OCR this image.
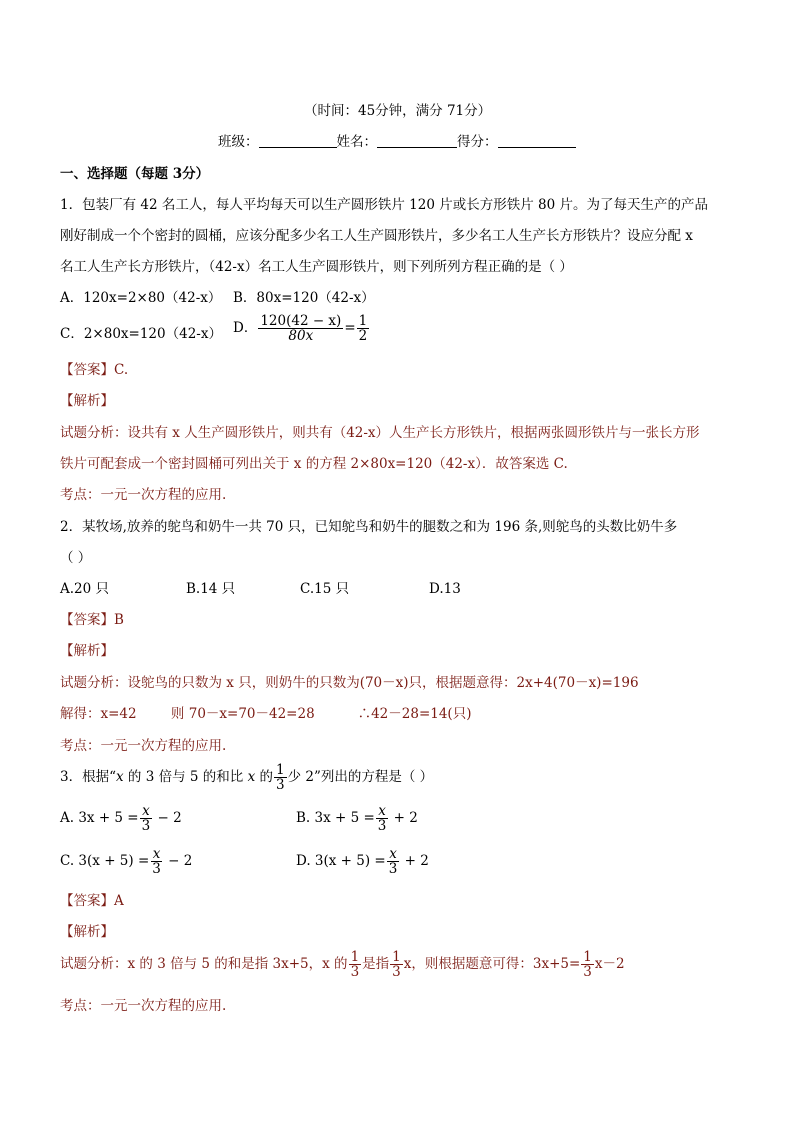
（时间：45分钟，满分 71分）
班级：	姓名：	得分：
一、选择题（每题 3分）
1．包装厂有 42 名工人，每人平均每天可以生产圆形铁片 120 片或长方形铁片 80 片。为了每天生产的产品
刚好制成一个个密封的圆桶，应该分配多少名工人生产圆形铁片，多少名工人生产长方形铁片？设应分配 x
名工人生产长方形铁片，（42-x）名工人生产圆形铁片，则下列所列方程正确的是（ ）
A．120x=2×80（42-x） B．80x=120（42-x）
C．2×80x=120（42-x） D． $\frac{120(42 - x)}{80x} = \frac{1}{2}$
【答案】C.
【解析】
试题分析：设共有 x 人生产圆形铁片，则共有（42-x）人生产长方形铁片，根据两张圆形铁片与一张长方形
铁片可配套成一个密封圆桶可列出关于 x 的方程 2×80x=120（42-x）．故答案选 C.
考点：一元一次方程的应用.
2．某牧场,放养的鸵鸟和奶牛一共 70 只，已知鸵鸟和奶牛的腿数之和为 196 条,则鸵鸟的头数比奶牛多
（ ）
A.20 只	B.14 只	C.15 只	D.13
【答案】B
【解析】
试题分析：设鸵鸟的只数为 x 只，则奶牛的只数为(70－x)只，根据题意得：2x+4(70－x)=196
解得：x=42        则 70－x=70－42=28          ∴42－28=14(只)
考点：一元一次方程的应用.
3．根据“x 的 3 倍与 5 的和比 x 的 $\frac{1}{3}$ 少 2”列出的方程是（ ）
A. $3x + 5 = \frac{x}{3} - 2$	B. $3x + 5 = \frac{x}{3} + 2$
C. $3(x + 5) = \frac{x}{3} - 2$	D. $3(x + 5) = \frac{x}{3} + 2$
【答案】A
【解析】
试题分析：x 的 3 倍与 5 的和是指 3x+5，x 的 $\frac{1}{3}$ 是指 $\frac{1}{3}$ x，则根据题意可得：$3x+5= \frac{1}{3} x-2$
考点：一元一次方程的应用.
